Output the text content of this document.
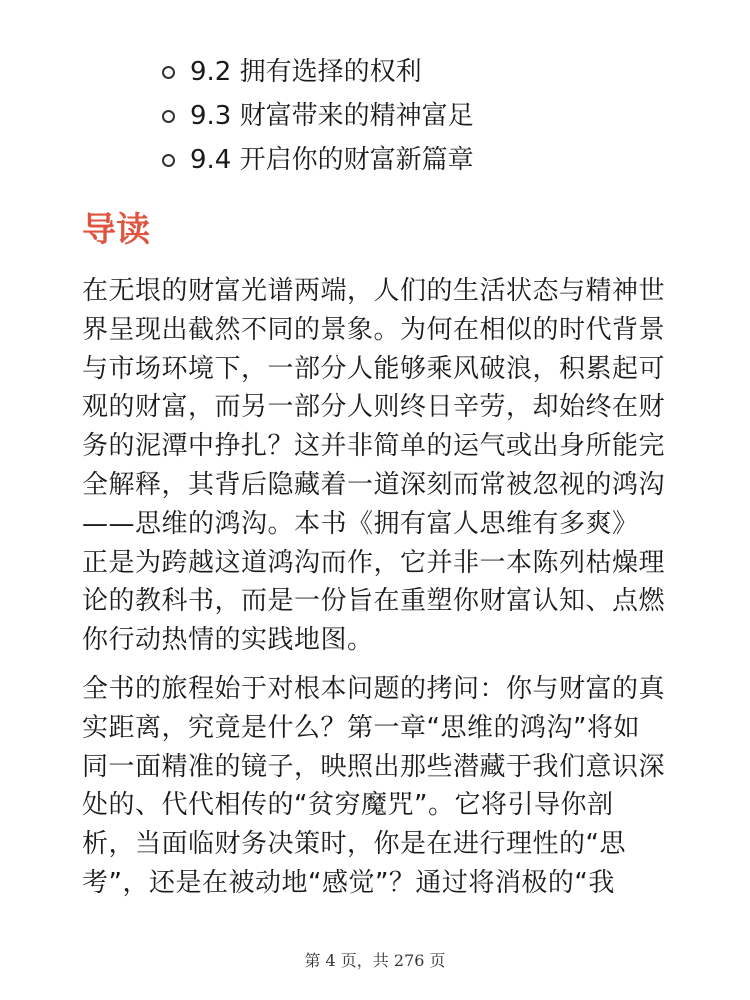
9.2 拥有选择的权利
9.3 财富带来的精神富足
9.4 开启你的财富新篇章
导读

在无垠的财富光谱两端，人们的生活状态与精神世
界呈现出截然不同的景象。为何在相似的时代背景
与市场环境下，一部分人能够乘风破浪，积累起可
观的财富，而另一部分人则终日辛劳，却始终在财
务的泥潭中挣扎？这并非简单的运气或出身所能完
全解释，其背后隐藏着一道深刻而常被忽视的鸿沟
——思维的鸿沟。本书《拥有富人思维有多爽》
正是为跨越这道鸿沟而作，它并非一本陈列枯燥理
论的教科书，而是一份旨在重塑你财富认知、点燃
你行动热情的实践地图。

全书的旅程始于对根本问题的拷问：你与财富的真
实距离，究竟是什么？第一章“思维的鸿沟”将如
同一面精准的镜子，映照出那些潜藏于我们意识深
处的、代代相传的“贫穷魔咒”。它将引导你剖
析，当面临财务决策时，你是在进行理性的“思
考”，还是在被动地“感觉”？通过将消极的“我

第 4 页，共 276 页
